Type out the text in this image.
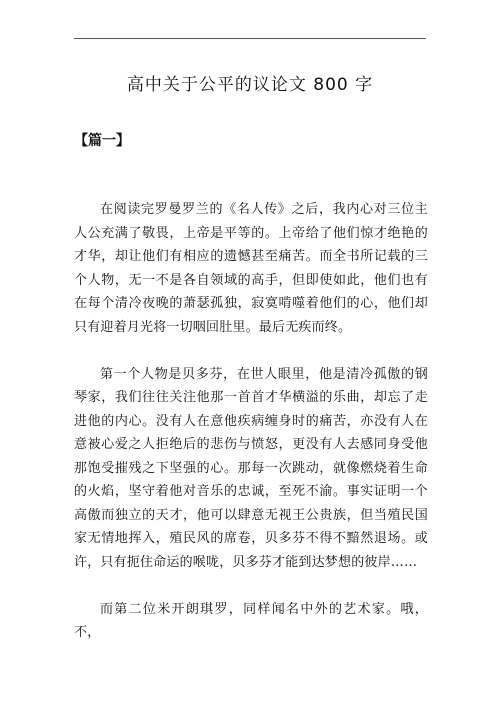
高中关于公平的议论文 800 字
【篇一】

在阅读完罗曼罗兰的《名人传》之后，我内心对三位主人公充满了敬畏，上帝是平等的。上帝给了他们惊才绝艳的才华，却让他们有相应的遗憾甚至痛苦。而全书所记载的三个人物，无一不是各自领域的高手，但即使如此，他们也有在每个清冷夜晚的萧瑟孤独，寂寞啃噬着他们的心，他们却只有迎着月光将一切咽回肚里。最后无疾而终。

第一个人物是贝多芬，在世人眼里，他是清冷孤傲的钢琴家，我们往往关注他那一首首才华横溢的乐曲，却忘了走进他的内心。没有人在意他疾病缠身时的痛苦，亦没有人在意被心爱之人拒绝后的悲伤与愤怒，更没有人去感同身受他那饱受摧残之下坚强的心。那每一次跳动，就像燃烧着生命的火焰，坚守着他对音乐的忠诚，至死不渝。事实证明一个高傲而独立的天才，他可以肆意无视王公贵族，但当殖民国家无情地挥入，殖民风的席卷，贝多芬不得不黯然退场。或许，只有扼住命运的喉咙，贝多芬才能到达梦想的彼岸……

而第二位米开朗琪罗，同样闻名中外的艺术家。哦，不，
